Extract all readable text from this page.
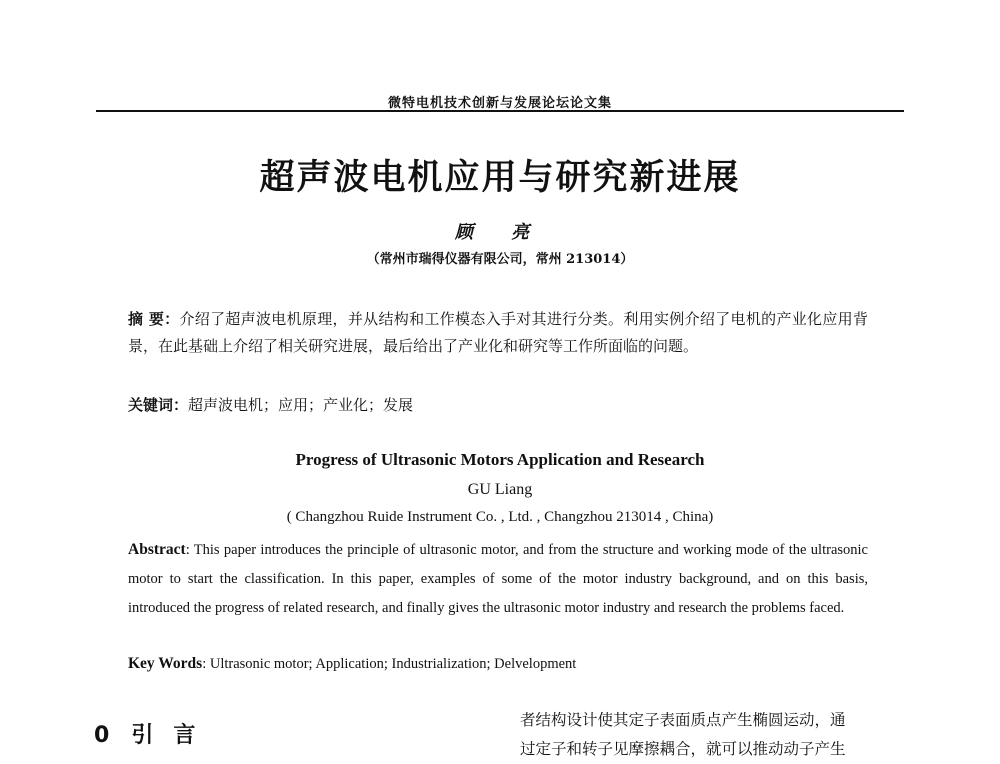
微特电机技术创新与发展论坛论文集
超声波电机应用与研究新进展
顾 亮
（常州市瑞得仪器有限公司，常州 213014）
摘 要：介绍了超声波电机原理，并从结构和工作模态入手对其进行分类。利用实例介绍了电机的产业化应用背景，在此基础上介绍了相关研究进展，最后给出了产业化和研究等工作所面临的问题。
关键词：超声波电机；应用；产业化；发展
Progress of Ultrasonic Motors Application and Research
GU Liang
( Changzhou Ruide Instrument Co. , Ltd. , Changzhou 213014 , China)
Abstract: This paper introduces the principle of ultrasonic motor, and from the structure and working mode of the ultrasonic motor to start the classification. In this paper, examples of some of the motor industry background, and on this basis, introduced the progress of related research, and finally gives the ultrasonic motor industry and research the problems faced.
Key Words: Ultrasonic motor; Application; Industrialization; Delvelopment
0 引言
者结构设计使其定子表面质点产生椭圆运动，通
过定子和转子见摩擦耦合，就可以推动动子产生
